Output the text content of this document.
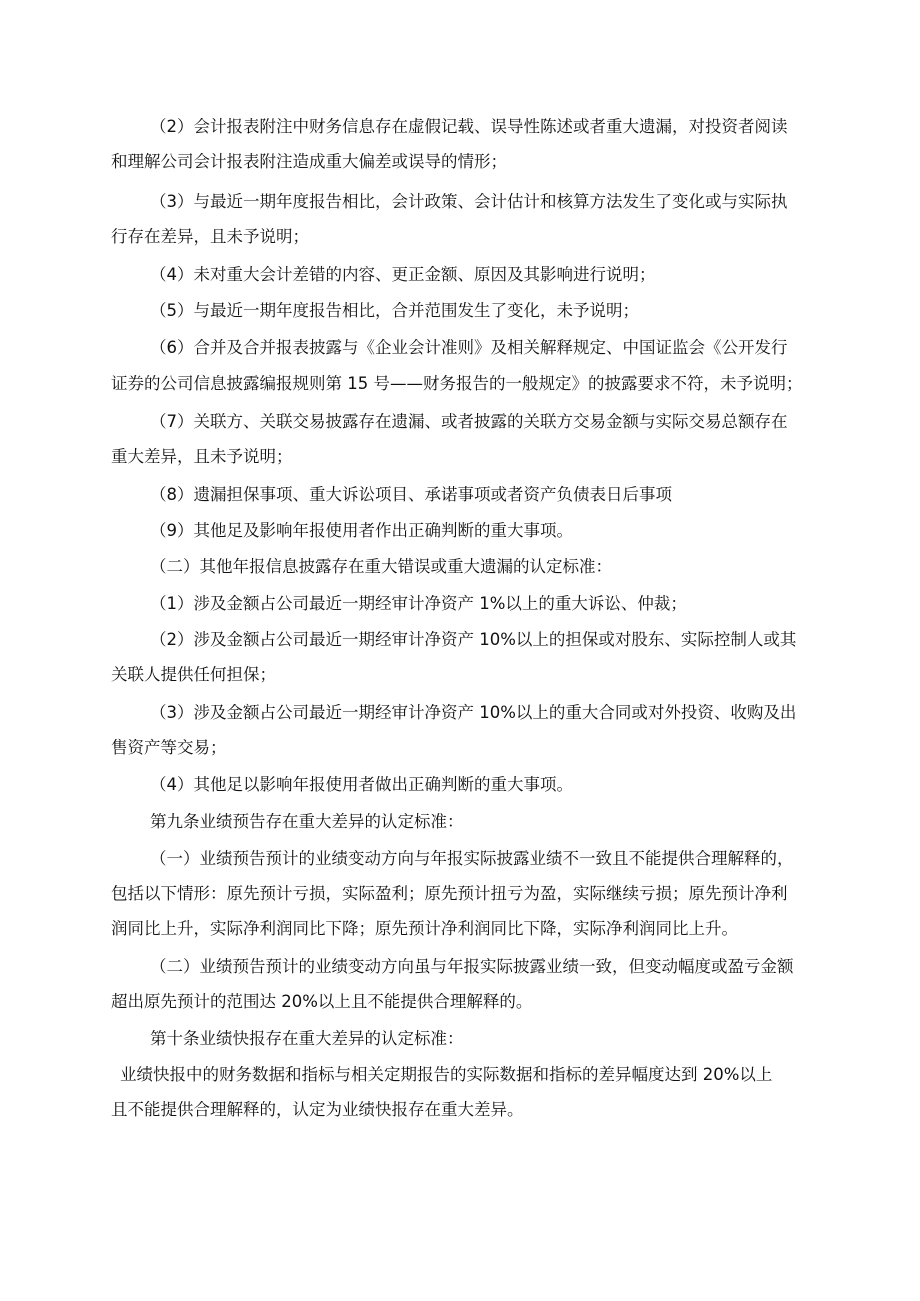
（2）会计报表附注中财务信息存在虚假记载、误导性陈述或者重大遗漏，对投资者阅读

和理解公司会计报表附注造成重大偏差或误导的情形；

（3）与最近一期年度报告相比，会计政策、会计估计和核算方法发生了变化或与实际执

行存在差异，且未予说明；

（4）未对重大会计差错的内容、更正金额、原因及其影响进行说明；

（5）与最近一期年度报告相比，合并范围发生了变化，未予说明；

（6）合并及合并报表披露与《企业会计准则》及相关解释规定、中国证监会《公开发行

证券的公司信息披露编报规则第 15 号——财务报告的一般规定》的披露要求不符，未予说明；

（7）关联方、关联交易披露存在遗漏、或者披露的关联方交易金额与实际交易总额存在

重大差异，且未予说明；

（8）遗漏担保事项、重大诉讼项目、承诺事项或者资产负债表日后事项

（9）其他足及影响年报使用者作出正确判断的重大事项。

（二）其他年报信息披露存在重大错误或重大遗漏的认定标准：

（1）涉及金额占公司最近一期经审计净资产 1%以上的重大诉讼、仲裁；

（2）涉及金额占公司最近一期经审计净资产 10%以上的担保或对股东、实际控制人或其

关联人提供任何担保；

（3）涉及金额占公司最近一期经审计净资产 10%以上的重大合同或对外投资、收购及出

售资产等交易；

（4）其他足以影响年报使用者做出正确判断的重大事项。

第九条业绩预告存在重大差异的认定标准：

（一）业绩预告预计的业绩变动方向与年报实际披露业绩不一致且不能提供合理解释的，

包括以下情形：原先预计亏损，实际盈利；原先预计扭亏为盈，实际继续亏损；原先预计净利

润同比上升，实际净利润同比下降；原先预计净利润同比下降，实际净利润同比上升。

（二）业绩预告预计的业绩变动方向虽与年报实际披露业绩一致，但变动幅度或盈亏金额

超出原先预计的范围达 20%以上且不能提供合理解释的。

第十条业绩快报存在重大差异的认定标准：

业绩快报中的财务数据和指标与相关定期报告的实际数据和指标的差异幅度达到 20%以上

且不能提供合理解释的，认定为业绩快报存在重大差异。
